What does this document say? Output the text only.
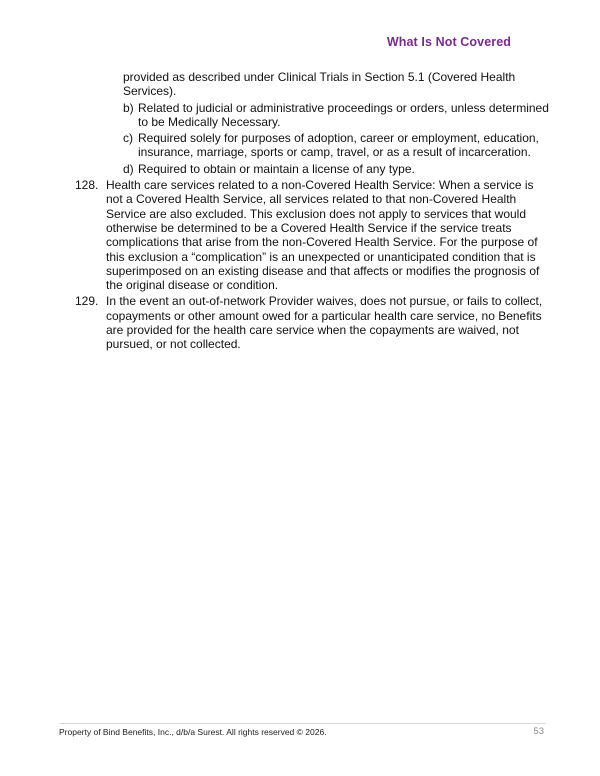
What Is Not Covered

provided as described under Clinical Trials in Section 5.1 (Covered Health Services).

b) Related to judicial or administrative proceedings or orders, unless determined to be Medically Necessary.
c) Required solely for purposes of adoption, career or employment, education, insurance, marriage, sports or camp, travel, or as a result of incarceration.
d) Required to obtain or maintain a license of any type.
128. Health care services related to a non-Covered Health Service: When a service is not a Covered Health Service, all services related to that non-Covered Health Service are also excluded. This exclusion does not apply to services that would otherwise be determined to be a Covered Health Service if the service treats complications that arise from the non-Covered Health Service. For the purpose of this exclusion a “complication” is an unexpected or unanticipated condition that is superimposed on an existing disease and that affects or modifies the prognosis of the original disease or condition.
129. In the event an out-of-network Provider waives, does not pursue, or fails to collect, copayments or other amount owed for a particular health care service, no Benefits are provided for the health care service when the copayments are waived, not pursued, or not collected.
Property of Bind Benefits, Inc., d/b/a Surest. All rights reserved © 2026.	53
